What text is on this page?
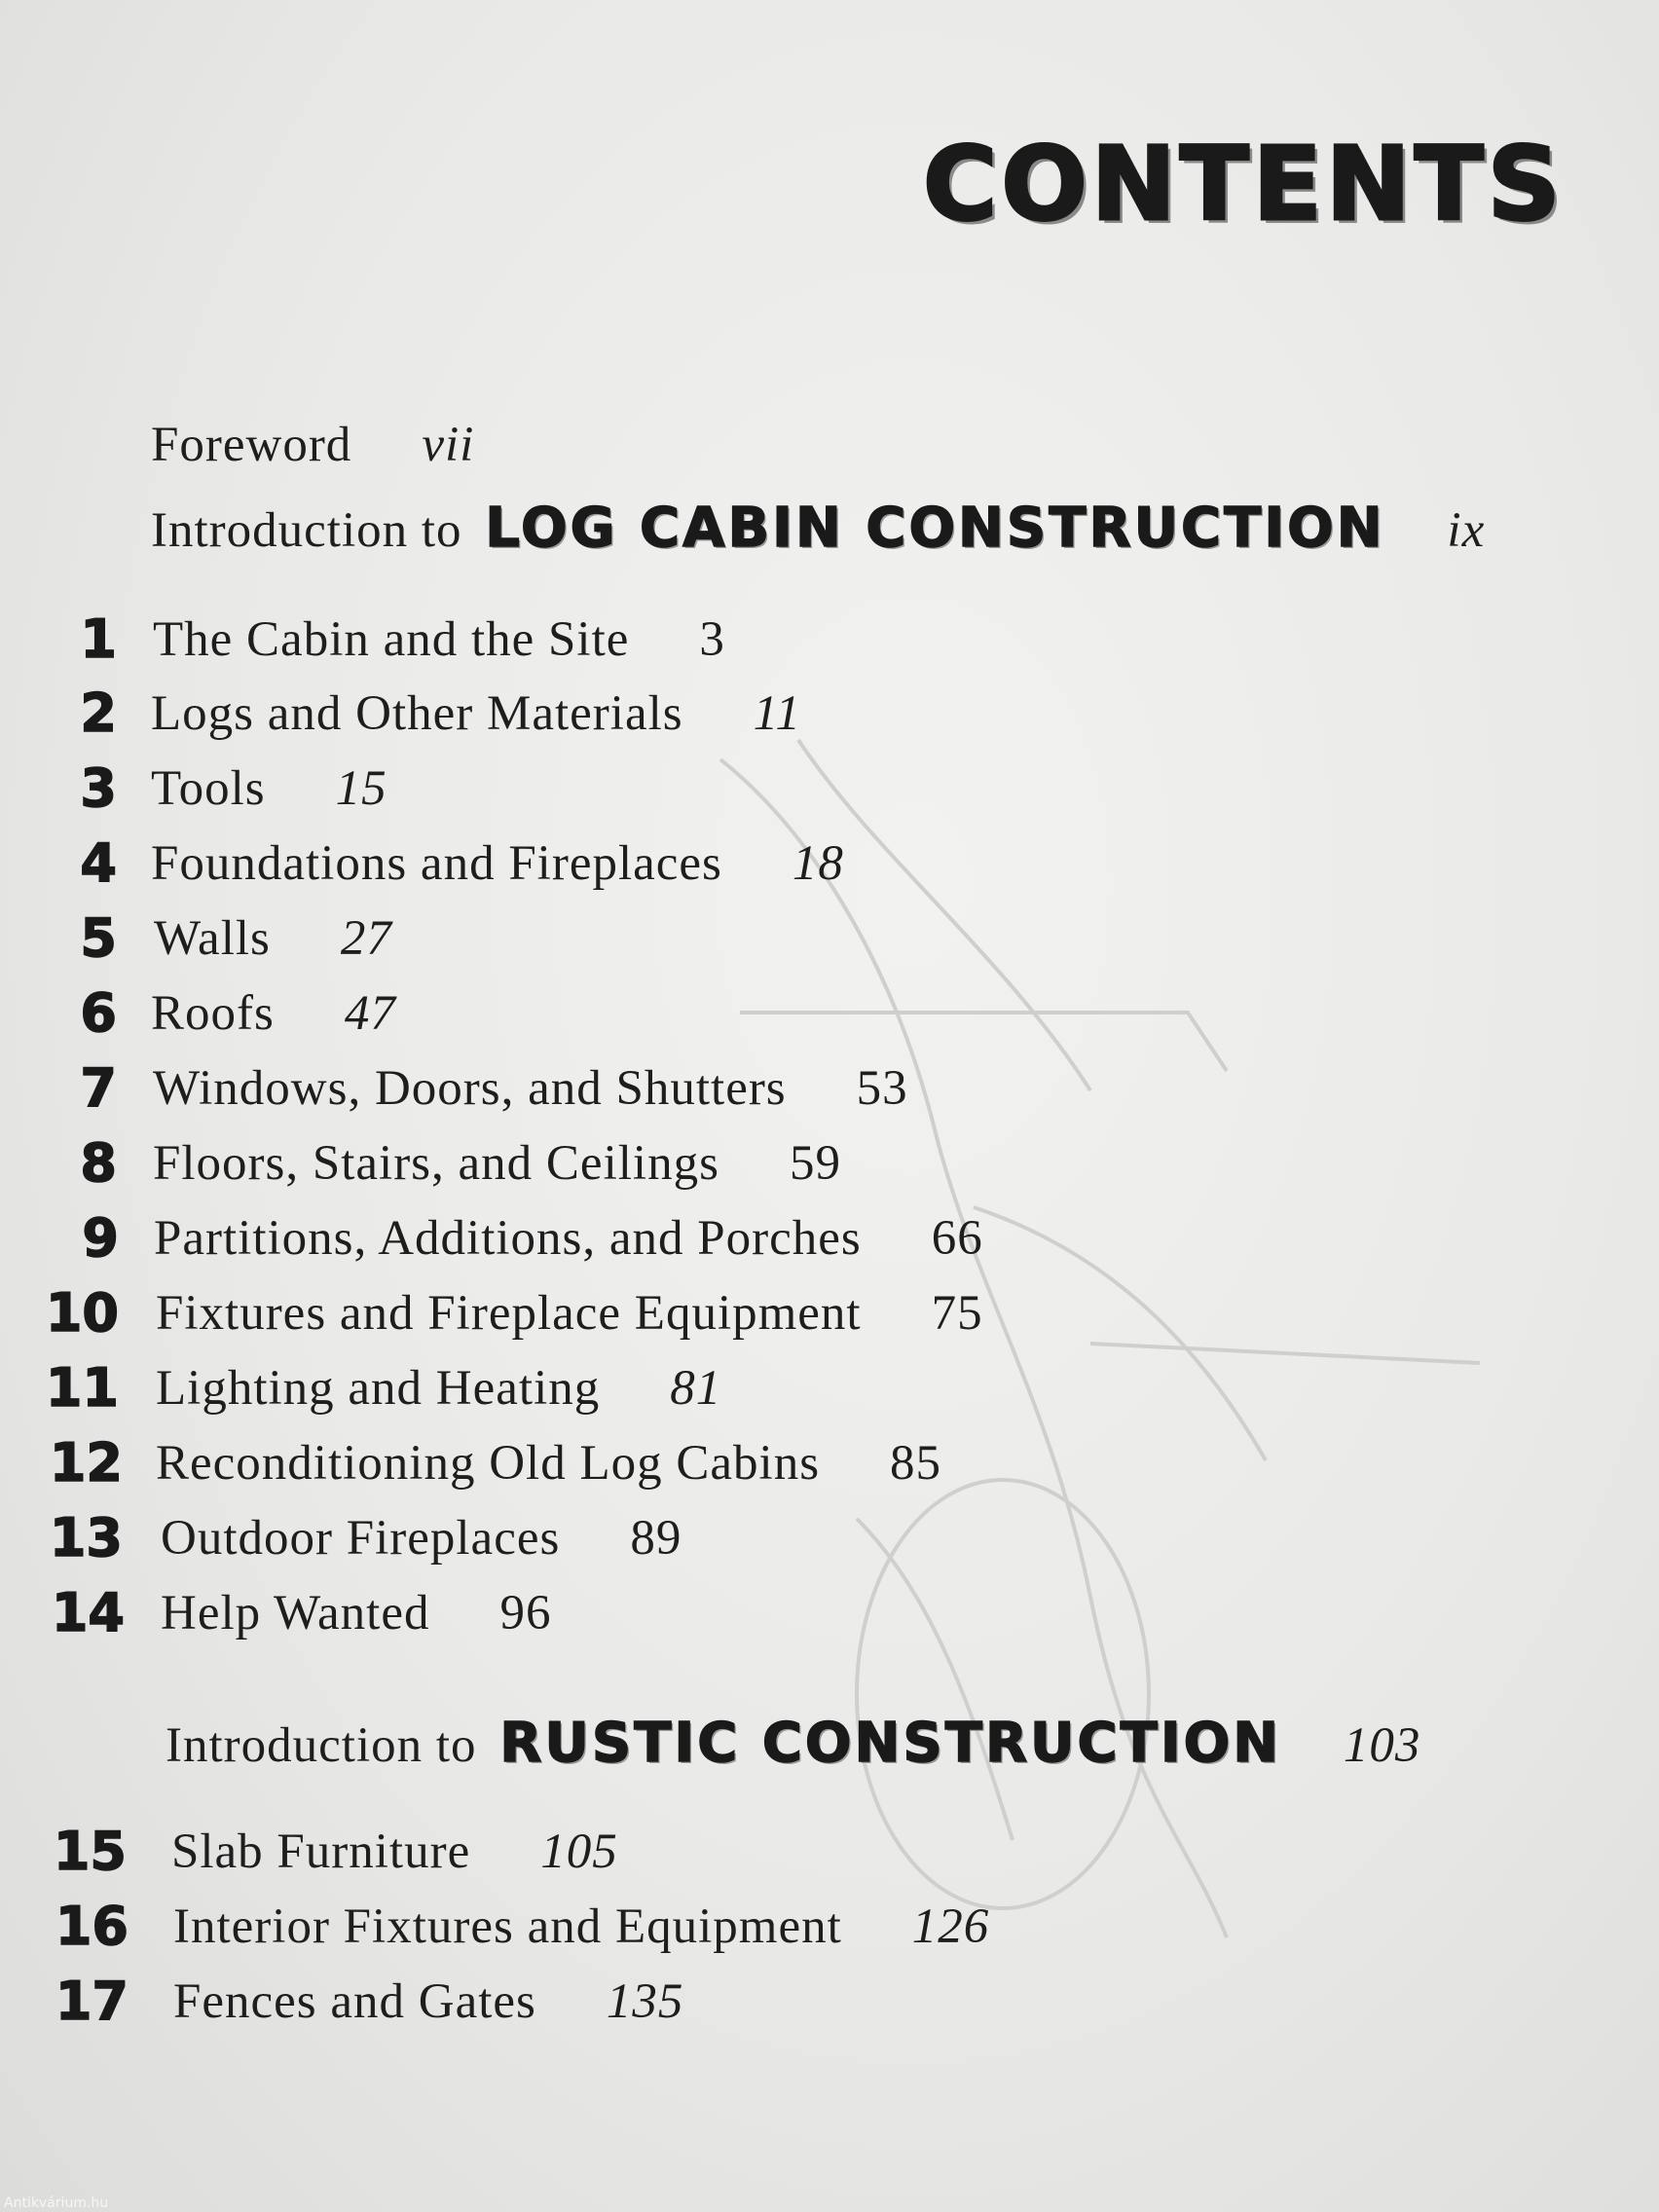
CONTENTS
Foreword vii
Introduction to LOG CABIN CONSTRUCTION ix
1 The Cabin and the Site 3
2 Logs and Other Materials 11
3 Tools 15
4 Foundations and Fireplaces 18
5 Walls 27
6 Roofs 47
7 Windows, Doors, and Shutters 53
8 Floors, Stairs, and Ceilings 59
9 Partitions, Additions, and Porches 66
10 Fixtures and Fireplace Equipment 75
11 Lighting and Heating 81
12 Reconditioning Old Log Cabins 85
13 Outdoor Fireplaces 89
14 Help Wanted 96
Introduction to RUSTIC CONSTRUCTION 103
15 Slab Furniture 105
16 Interior Fixtures and Equipment 126
17 Fences and Gates 135
Antikvárium.hu
